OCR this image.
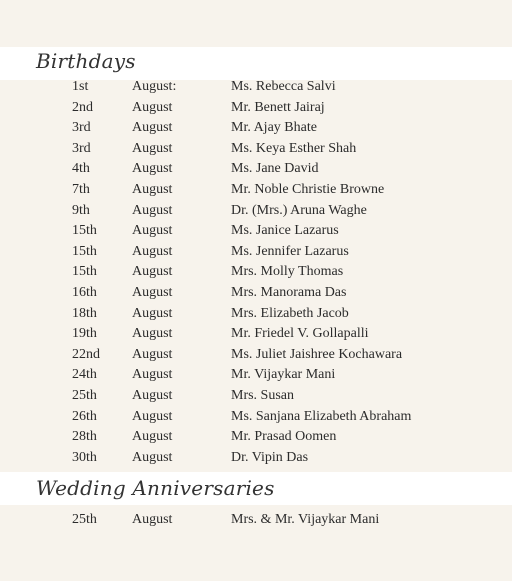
Birthdays
1st	August:	Ms. Rebecca Salvi
2nd	August	Mr. Benett Jairaj
3rd	August	Mr. Ajay Bhate
3rd	August	Ms. Keya Esther Shah
4th	August	Ms. Jane David
7th	August	Mr. Noble Christie Browne
9th	August	Dr. (Mrs.) Aruna Waghe
15th	August	Ms. Janice Lazarus
15th	August	Ms. Jennifer Lazarus
15th	August	Mrs. Molly Thomas
16th	August	Mrs. Manorama Das
18th	August	Mrs. Elizabeth Jacob
19th	August	Mr. Friedel V. Gollapalli
22nd August	Ms. Juliet Jaishree Kochawara
24th	August	Mr. Vijaykar Mani
25th	August	Mrs. Susan
26th	August	Ms. Sanjana Elizabeth Abraham
28th	August	Mr. Prasad Oomen
30th	August	Dr. Vipin Das
Wedding Anniversaries
25th	August	Mrs. & Mr. Vijaykar Mani
